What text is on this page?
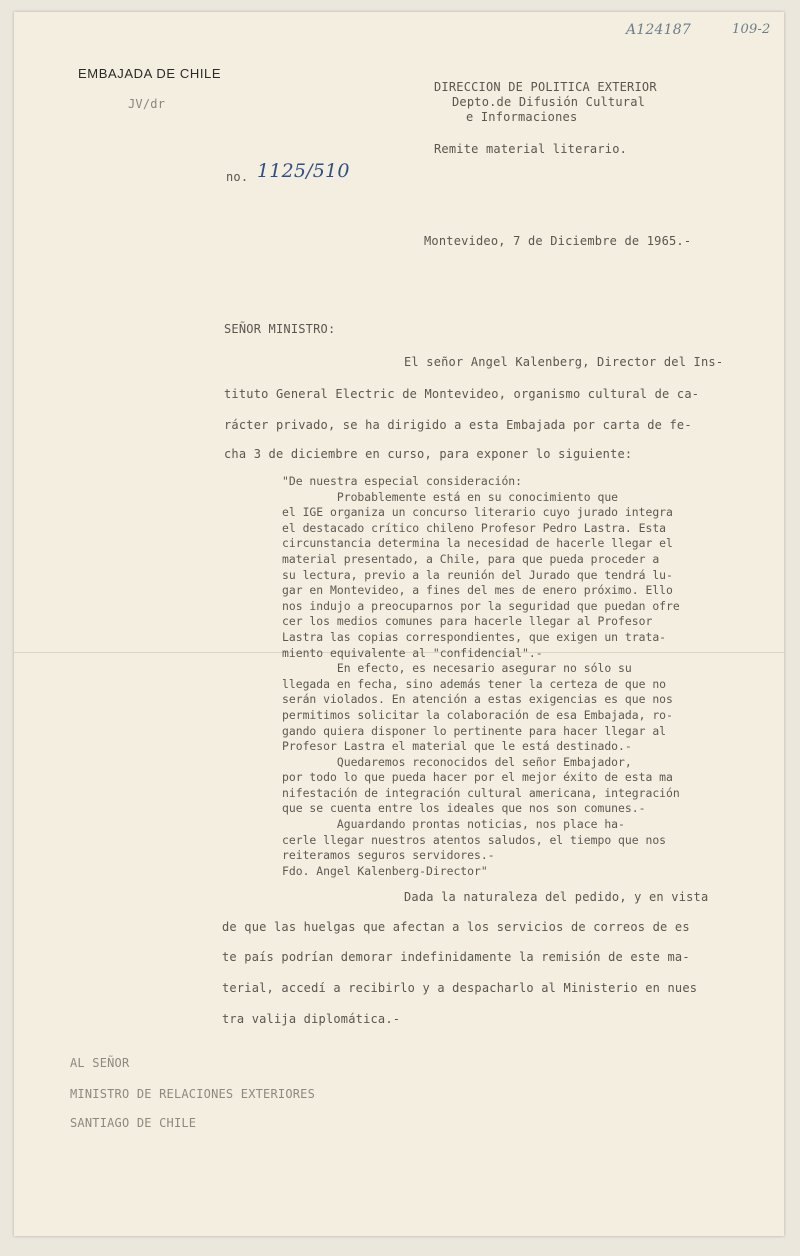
A124187	109-2
EMBAJADA DE CHILE
JV/dr
DIRECCION DE POLITICA EXTERIOR
Depto.de Difusión Cultural
e Informaciones
Remite material literario.
no. 1125/510
Montevideo, 7 de Diciembre de 1965.-
SEÑOR MINISTRO:
El señor Angel Kalenberg, Director del Ins-
tituto General Electric de Montevideo, organismo cultural de ca-
rácter privado, se ha dirigido a esta Embajada por carta de fe-
cha 3 de diciembre en curso, para exponer lo siguiente:
"De nuestra especial consideración:
Probablemente está en su conocimiento que
el IGE organiza un concurso literario cuyo jurado integra
el destacado crítico chileno Profesor Pedro Lastra. Esta
circunstancia determina la necesidad de hacerle llegar el
material presentado, a Chile, para que pueda proceder a
su lectura, previo a la reunión del Jurado que tendrá lu-
gar en Montevideo, a fines del mes de enero próximo. Ello
nos indujo a preocuparnos por la seguridad que puedan ofre
cer los medios comunes para hacerle llegar al Profesor
Lastra las copias correspondientes, que exigen un trata-
miento equivalente al "confidencial".-
En efecto, es necesario asegurar no sólo su
llegada en fecha, sino además tener la certeza de que no
serán violados. En atención a estas exigencias es que nos
permitimos solicitar la colaboración de esa Embajada, ro-
gando quiera disponer lo pertinente para hacer llegar al
Profesor Lastra el material que le está destinado.-
Quedaremos reconocidos del señor Embajador,
por todo lo que pueda hacer por el mejor éxito de esta ma
nifestación de integración cultural americana, integración
que se cuenta entre los ideales que nos son comunes.-
Aguardando prontas noticias, nos place ha-
cerle llegar nuestros atentos saludos, el tiempo que nos
reiteramos seguros servidores.-
Fdo. Angel Kalenberg-Director"
Dada la naturaleza del pedido, y en vista
de que las huelgas que afectan a los servicios de correos de es
te país podrían demorar indefinidamente la remisión de este ma-
terial, accedí a recibirlo y a despacharlo al Ministerio en nues
tra valija diplomática.-
AL SEÑOR
MINISTRO DE RELACIONES EXTERIORES
SANTIAGO DE CHILE
